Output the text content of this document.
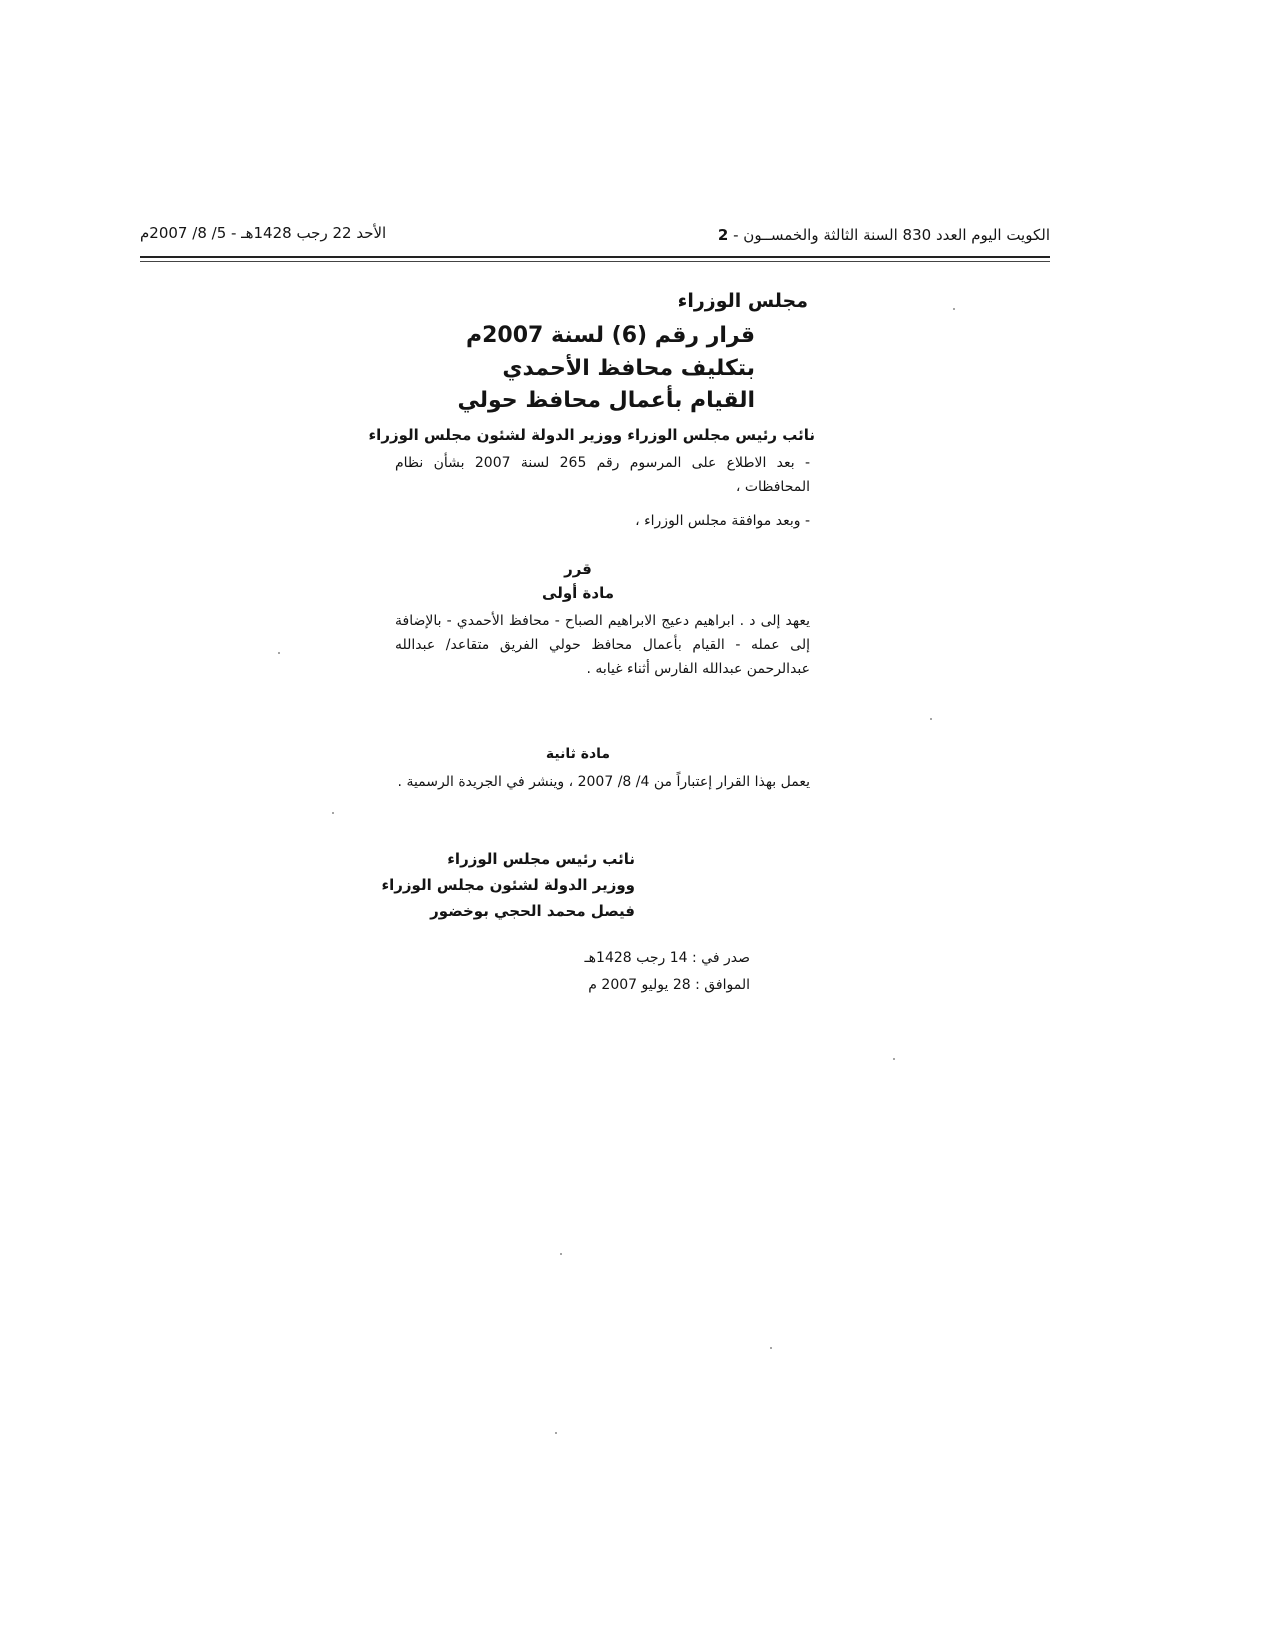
الكويت اليوم العدد 830 السنة الثالثة والخمســون - 2
الأحد 22 رجب 1428هـ - 5/ 8/ 2007م
مجلس الوزراء
قرار رقم (6) لسنة 2007م
بتكليف محافظ الأحمدي
القيام بأعمال محافظ حولي
نائب رئيس مجلس الوزراء ووزير الدولة لشئون مجلس الوزراء
- بعد الاطلاع على المرسوم رقم 265 لسنة 2007 بشأن نظام المحافظات ،
- وبعد موافقة مجلس الوزراء ،
قرر
مادة أولى
يعهد إلى د . ابراهيم دعيج الابراهيم الصباح - محافظ الأحمدي - بالإضافة إلى عمله - القيام بأعمال محافظ حولي الفريق متقاعد/ عبدالله عبدالرحمن عبدالله الفارس أثناء غيابه .
مادة ثانية
يعمل بهذا القرار إعتباراً من 4/ 8/ 2007 ، وينشر في الجريدة الرسمية .
نائب رئيس مجلس الوزراء
ووزير الدولة لشئون مجلس الوزراء
فيصل محمد الحجي بوخضور
صدر في : 14 رجب 1428هـ
الموافق : 28 يوليو 2007 م
